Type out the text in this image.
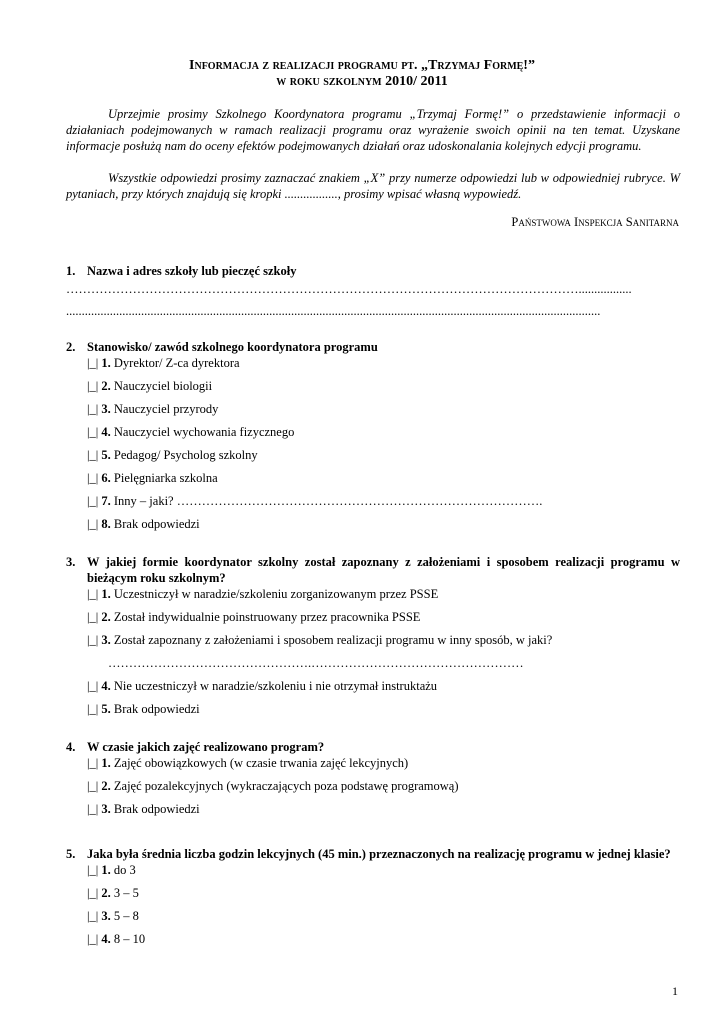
Informacja z realizacji programu pt. „Trzymaj Formę!”
w roku szkolnym 2010/ 2011

Uprzejmie prosimy Szkolnego Koordynatora programu „Trzymaj Formę!” o przedstawienie informacji o działaniach podejmowanych w ramach realizacji programu oraz wyrażenie swoich opinii na ten temat. Uzyskane informacje posłużą nam do oceny efektów podejmowanych działań oraz udoskonalania kolejnych edycji programu.

Wszystkie odpowiedzi prosimy zaznaczać znakiem „X” przy numerze odpowiedzi lub w odpowiedniej rubryce. W pytaniach, przy których znajdują się kropki ................., prosimy wpisać własną wypowiedź.

Państwowa Inspekcja Sanitarna
1. Nazwa i adres szkoły lub pieczęć szkoły
…………………………………………………………………………………………………………….................
...........................................................................................................................................................................
2. Stanowisko/ zawód szkolnego koordynatora programu
|_| 1. Dyrektor/ Z-ca dyrektora
|_| 2. Nauczyciel biologii
|_| 3. Nauczyciel przyrody
|_| 4. Nauczyciel wychowania fizycznego
|_| 5. Pedagog/ Psycholog szkolny
|_| 6. Pielęgniarka szkolna
|_| 7. Inny – jaki? …………………………………………………………………………….
|_| 8. Brak odpowiedzi
3. W jakiej formie koordynator szkolny został zapoznany z założeniami i sposobem realizacji programu w bieżącym roku szkolnym?
|_| 1. Uczestniczył w naradzie/szkoleniu zorganizowanym przez PSSE
|_| 2. Został indywidualnie poinstruowany przez pracownika PSSE
|_| 3. Został zapoznany z założeniami i sposobem realizacji programu w inny sposób, w jaki?
………………………………………….……………………………………………
|_| 4. Nie uczestniczył w naradzie/szkoleniu i nie otrzymał instruktażu
|_| 5. Brak odpowiedzi
4. W czasie jakich zajęć realizowano program?
|_| 1. Zajęć obowiązkowych (w czasie trwania zajęć lekcyjnych)
|_| 2. Zajęć pozalekcyjnych (wykraczających poza podstawę programową)
|_| 3. Brak odpowiedzi
5. Jaka była średnia liczba godzin lekcyjnych (45 min.) przeznaczonych na realizację programu w jednej klasie?
|_| 1. do 3
|_| 2. 3 – 5
|_| 3. 5 – 8
|_| 4. 8 – 10
1
